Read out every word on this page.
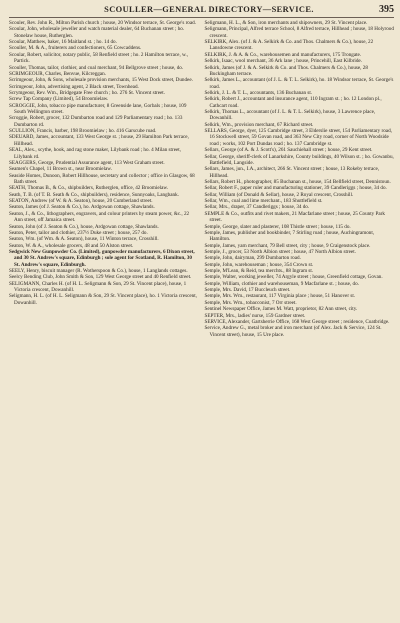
SCOULLER—GENERAL DIRECTORY—SERVICE.	395
Scouler, Rev. John R., Milton Parish church ; house, 20 Windsor terrace, St. George's road.
Scoular, John, wholesale jeweller and watch material dealer, 64 Buchanan street ; ho. Stonelaw house, Rutherglen.
Scoular, Matthew, baker, 16 Maitland st. ; ho. 14 do.
Scouller, M. & A., fruiterers and confectioners, 65 Cowcaddens.
Scoular, Robert, solicitor, notary public, 58 Renfield street ; ho. 2 Hamilton terrace, w., Partick.
Scouller, Thomas, tailor, clothier, and coal merchant, 94 Bellgrove street ; house, do.
SCRIMGEOUR, Charles, Benvue, Kilcreggan.
Scrimgeour, John, & Sons, wholesale provision merchants, 15 West Dock street, Dundee.
Scrimgeour, John, advertising agent, 2 Black street, Townhead.
Scrymgeour, Rev. Wm., Bridgegate Free church ; ho. 276 St. Vincent street.
Screw Tap Company (Limited), 54 Broomielaw.
SCROGGIE, John, tobacco pipe manufacturer, 8 Greenside lane, Gorbals ; house, 109 South Wellington street.
Scroggie, Robert, grocer, 132 Dumbarton road and 129 Parliamentary road ; ho. 133 Dumbarton rd.
SCULLION, Francis, barber, 198 Broomielaw ; ho. 416 Garscube road.
SDEUARD, James, accountant, 133 West George st. ; house, 29 Hamilton Park terrace, Hillhead.
SEAL, Alex., scythe, hook, and rag stone maker, Lilybank road ; ho. 4 Milan street, Lilybank rd.
SEAGGERS, George, Prudential Assurance agent, 113 West Graham street.
Seamen's Chapel, 11 Brown st., near Broomielaw.
Seaside Homes, Dunoon, Robert Hillhouse, secretary and collector ; office in Glasgow, 68 Bath street.
SEATH, Thomas B., & Co., shipbuilders, Rutherglen, office, 42 Broomielaw.
Seath, T. B. (of T. B. Seath & Co., shipbuilders), residence, Sunnyoaks, Langbank.
SEATON, Andrew (of W. & A. Seaton), house, 20 Cumberland street.
Seaton, James (of J. Seaton & Co.), ho. Ardgowan cottage, Shawlands.
Seaton, J., & Co., lithographers, engravers, and colour printers by steam power, &c., 22 Ann street, off Jamaica street.
Seaton, John (of J. Seaton & Co.), house, Ardgowan cottage, Shawlands.
Seaton, Peter, tailor and clothier, 237½ Duke street ; house, 257 do.
Seaton, Wm. (of Wm. & A. Seaton), house, 11 Winton terrace, Crosshill.
Seaton, W. & A., wholesale grocers, 48 and 50 Alston street.
Sedgwick New Gunpowder Co. (Limited), gunpowder manufacturers, 6 Dixon street, and 30 St. Andrew's square, Edinburgh ; sole agent for Scotland, R. Hamilton, 30 St. Andrew's square, Edinburgh.
SEELY, Henry, biscuit manager (R. Wotherspoon & Co.), house, 1 Langlands cottages.
Seelcy Bending Club, John Smith & Son, 129 West George street and 40 Renfield street.
SELIGMANN, Charles H. (of H. L. Seligmann & Son, 29 St. Vincent place), house, 1 Victoria crescent, Dowanhill.
Seligmann, H. L. (of H. L. Seligmann & Son, 29 St. Vincent place), ho. 1 Victoria crescent, Dowanhill.
Seligmann, H. L., & Son, iron merchants and shipowners, 29 St. Vincent place.
Seligmann, Principal, Alfred terrace School, 8 Alfred terrace, Hillhead ; house, 18 Holyrood crescent.
SELKIRK, Alex. (of J. & A. Selkirk & Co. and Thos. Chalmers & Co.), house, 22 Lansdowne crescent.
SELKIRK, J. & A. & Co., warehousemen and manufacturers, 175 Trongate.
Selkirk, Isaac, wool merchant, 36 Ark lane ; house, Princehill, East Kilbride.
Selkirk, James (of J. & A. Selkirk & Co. and Thos. Chalmers & Co.), house, 28 Buckingham terrace.
Selkirk, James L., accountant (of J. L. & T. L. Selkirk), ho. 18 Windsor terrace, St. George's road.
Selkirk, J. L. & T. L., accountants, 136 Buchanan st.
Selkirk, Robert J., accountant and insurance agent, 110 Ingram st. ; ho. 12 London pl., Cathcart road.
Selkirk, Thomas L., accountant (of J. L. & T. L. Selkirk), house, 3 Lawrence place, Dowanhill.
Selkirk, Wm., provision merchant, 67 Richard street.
SELLARS, George, dyer, 125 Cambridge street, 3 Elderslie street, 154 Parliamentary road, 16 Stockwell street, 59 Govan road, and 363 New City road, corner of North Woodside road ; works, 102 Port Dundas road ; ho. 137 Cambridge st.
Sellars, George (of A. & J. Scott's), 261 Sauchiehall street ; house, 29 Kent street.
Sellar, George, sheriff-clerk of Lanarkshire, County buildings, 40 Wilson st. ; ho. Gowanbu, Battlefield, Langside.
Sellars, James, jun., I.A., architect, 266 St. Vincent street ; house, 13 Rokeby terrace, Hillhead.
Sellars, Robert H., photographer, 85 Buchanan st., house, 154 Bellfield street, Dennistoun.
Sellar, Robert F., paper ruler and manufacturing stationer, 39 Candleriggs ; house, 34 do.
Sellar, William (of Donald & Sellar), house, 2 Royal crescent, Crosshill.
Sellar, Wm., coal and lime merchant., 183 Shuttlefield st.
Sellar, Mrs., draper, 37 Candleriggs ; house, 34 do.
SEMPLE & Co., outfits and rivet makers, 21 Macfarlane street ; house, 25 County Park street.
Semple, George, slater and plasterer, 108 Thistle street ; house, 115 do.
Semple, James, publisher and bookbinder, 7 Stirling road ; house, Auchingramont, Hamilton.
Semple, James, yarn merchant, 79 Bell street, city ; house, 9 Craigenstock place.
Semple, J., grocer, 53 North Albion street ; house, 47 North Albion street.
Semple, John, dairyman, 299 Dumbarton road.
Semple, John, warehouseman ; house, 354 Crown st.
Semple, M'Lean, & Reid, tea merchts., 88 Ingram st.
Semple, Walter, working jeweller, 74 Argyle street ; house, Greenfield cottage, Govan.
Semple, William, clothier and warehouseman, 9 Macfarlane st. ; house, do.
Semple, Mrs. David, 17 Buccleuch street.
Semple, Mrs. Wm., restaurant, 117 Virginia place ; house, 51 Hanover st.
Semple, Mrs. Wm., tobacconist, 7 Orr street.
Sentinel Newspaper Office, James M. Watt, proprietor, 82 Ann street, city.
SEPTER, Mrs., ladies' nurse, 159 Gardner street.
SERVICE, Alexander, Gartsherrie Office, 168 West George street ; residence, Coatbridge.
Service, Andrew G., metal broker and iron merchant (of Alex. Jack & Service, 124 St. Vincent street), house, 15 Ure place.
